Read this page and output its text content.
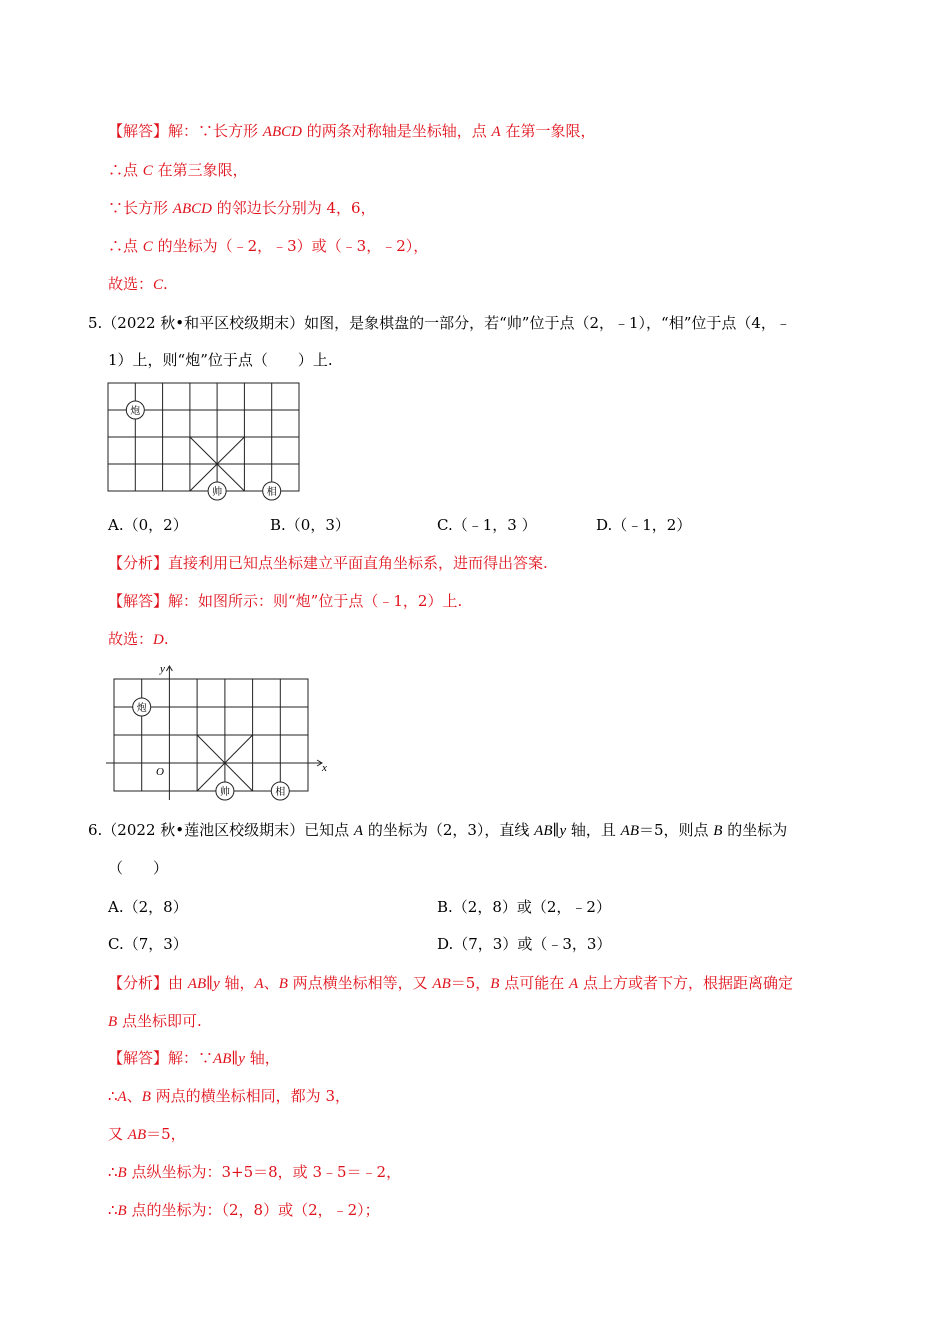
【解答】解：∵长方形 ABCD 的两条对称轴是坐标轴，点 A 在第一象限，
∴点 C 在第三象限，
∵长方形 ABCD 的邻边长分别为 4，6，
∴点 C 的坐标为（﹣2，﹣3）或（﹣3，﹣2），
故选：C.
5.（2022 秋•和平区校级期末）如图，是象棋盘的一部分，若“帅”位于点（2，﹣1），“相”位于点（4，﹣
1）上，则“炮”位于点（　　）上.
炮
帅	相
A.（0，2）	B.（0，3）	C.（﹣1，3 ）	D.（﹣1，2）
【分析】直接利用已知点坐标建立平面直角坐标系，进而得出答案.
【解答】解：如图所示：则“炮”位于点（﹣1，2）上.
故选：D.
y
x
O
炮
帅	相
6.（2022 秋•莲池区校级期末）已知点 A 的坐标为（2，3），直线 AB∥y 轴，且 AB＝5，则点 B 的坐标为
（　　）
A.（2，8）	B.（2，8）或（2，﹣2）
C.（7，3）	D.（7，3）或（﹣3，3）
【分析】由 AB∥y 轴，A、B 两点横坐标相等，又 AB＝5，B 点可能在 A 点上方或者下方，根据距离确定
B 点坐标即可.
【解答】解：∵AB∥y 轴，
∴A、B 两点的横坐标相同，都为 3，
又 AB＝5，
∴B 点纵坐标为：3+5＝8，或 3﹣5＝﹣2，
∴B 点的坐标为：（2，8）或（2，﹣2）；
